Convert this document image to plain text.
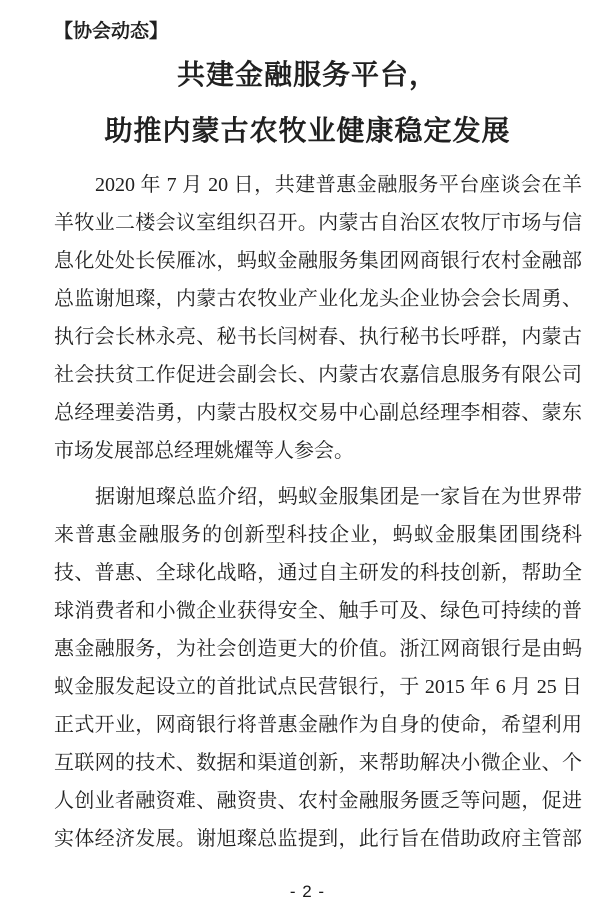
【协会动态】
共建金融服务平台，
助推内蒙古农牧业健康稳定发展
2020 年 7 月 20 日，共建普惠金融服务平台座谈会在羊
羊牧业二楼会议室组织召开。内蒙古自治区农牧厅市场与信
息化处处长侯雁冰，蚂蚁金融服务集团网商银行农村金融部
总监谢旭璨，内蒙古农牧业产业化龙头企业协会会长周勇、
执行会长林永亮、秘书长闫树春、执行秘书长呼群，内蒙古
社会扶贫工作促进会副会长、内蒙古农嘉信息服务有限公司
总经理姜浩勇，内蒙古股权交易中心副总经理李相蓉、蒙东
市场发展部总经理姚燿等人参会。
据谢旭璨总监介绍，蚂蚁金服集团是一家旨在为世界带
来普惠金融服务的创新型科技企业，蚂蚁金服集团围绕科
技、普惠、全球化战略，通过自主研发的科技创新，帮助全
球消费者和小微企业获得安全、触手可及、绿色可持续的普
惠金融服务，为社会创造更大的价值。浙江网商银行是由蚂
蚁金服发起设立的首批试点民营银行，于 2015 年 6 月 25 日
正式开业，网商银行将普惠金融作为自身的使命，希望利用
互联网的技术、数据和渠道创新，来帮助解决小微企业、个
人创业者融资难、融资贵、农村金融服务匮乏等问题，促进
实体经济发展。谢旭璨总监提到，此行旨在借助政府主管部
- 2 -
